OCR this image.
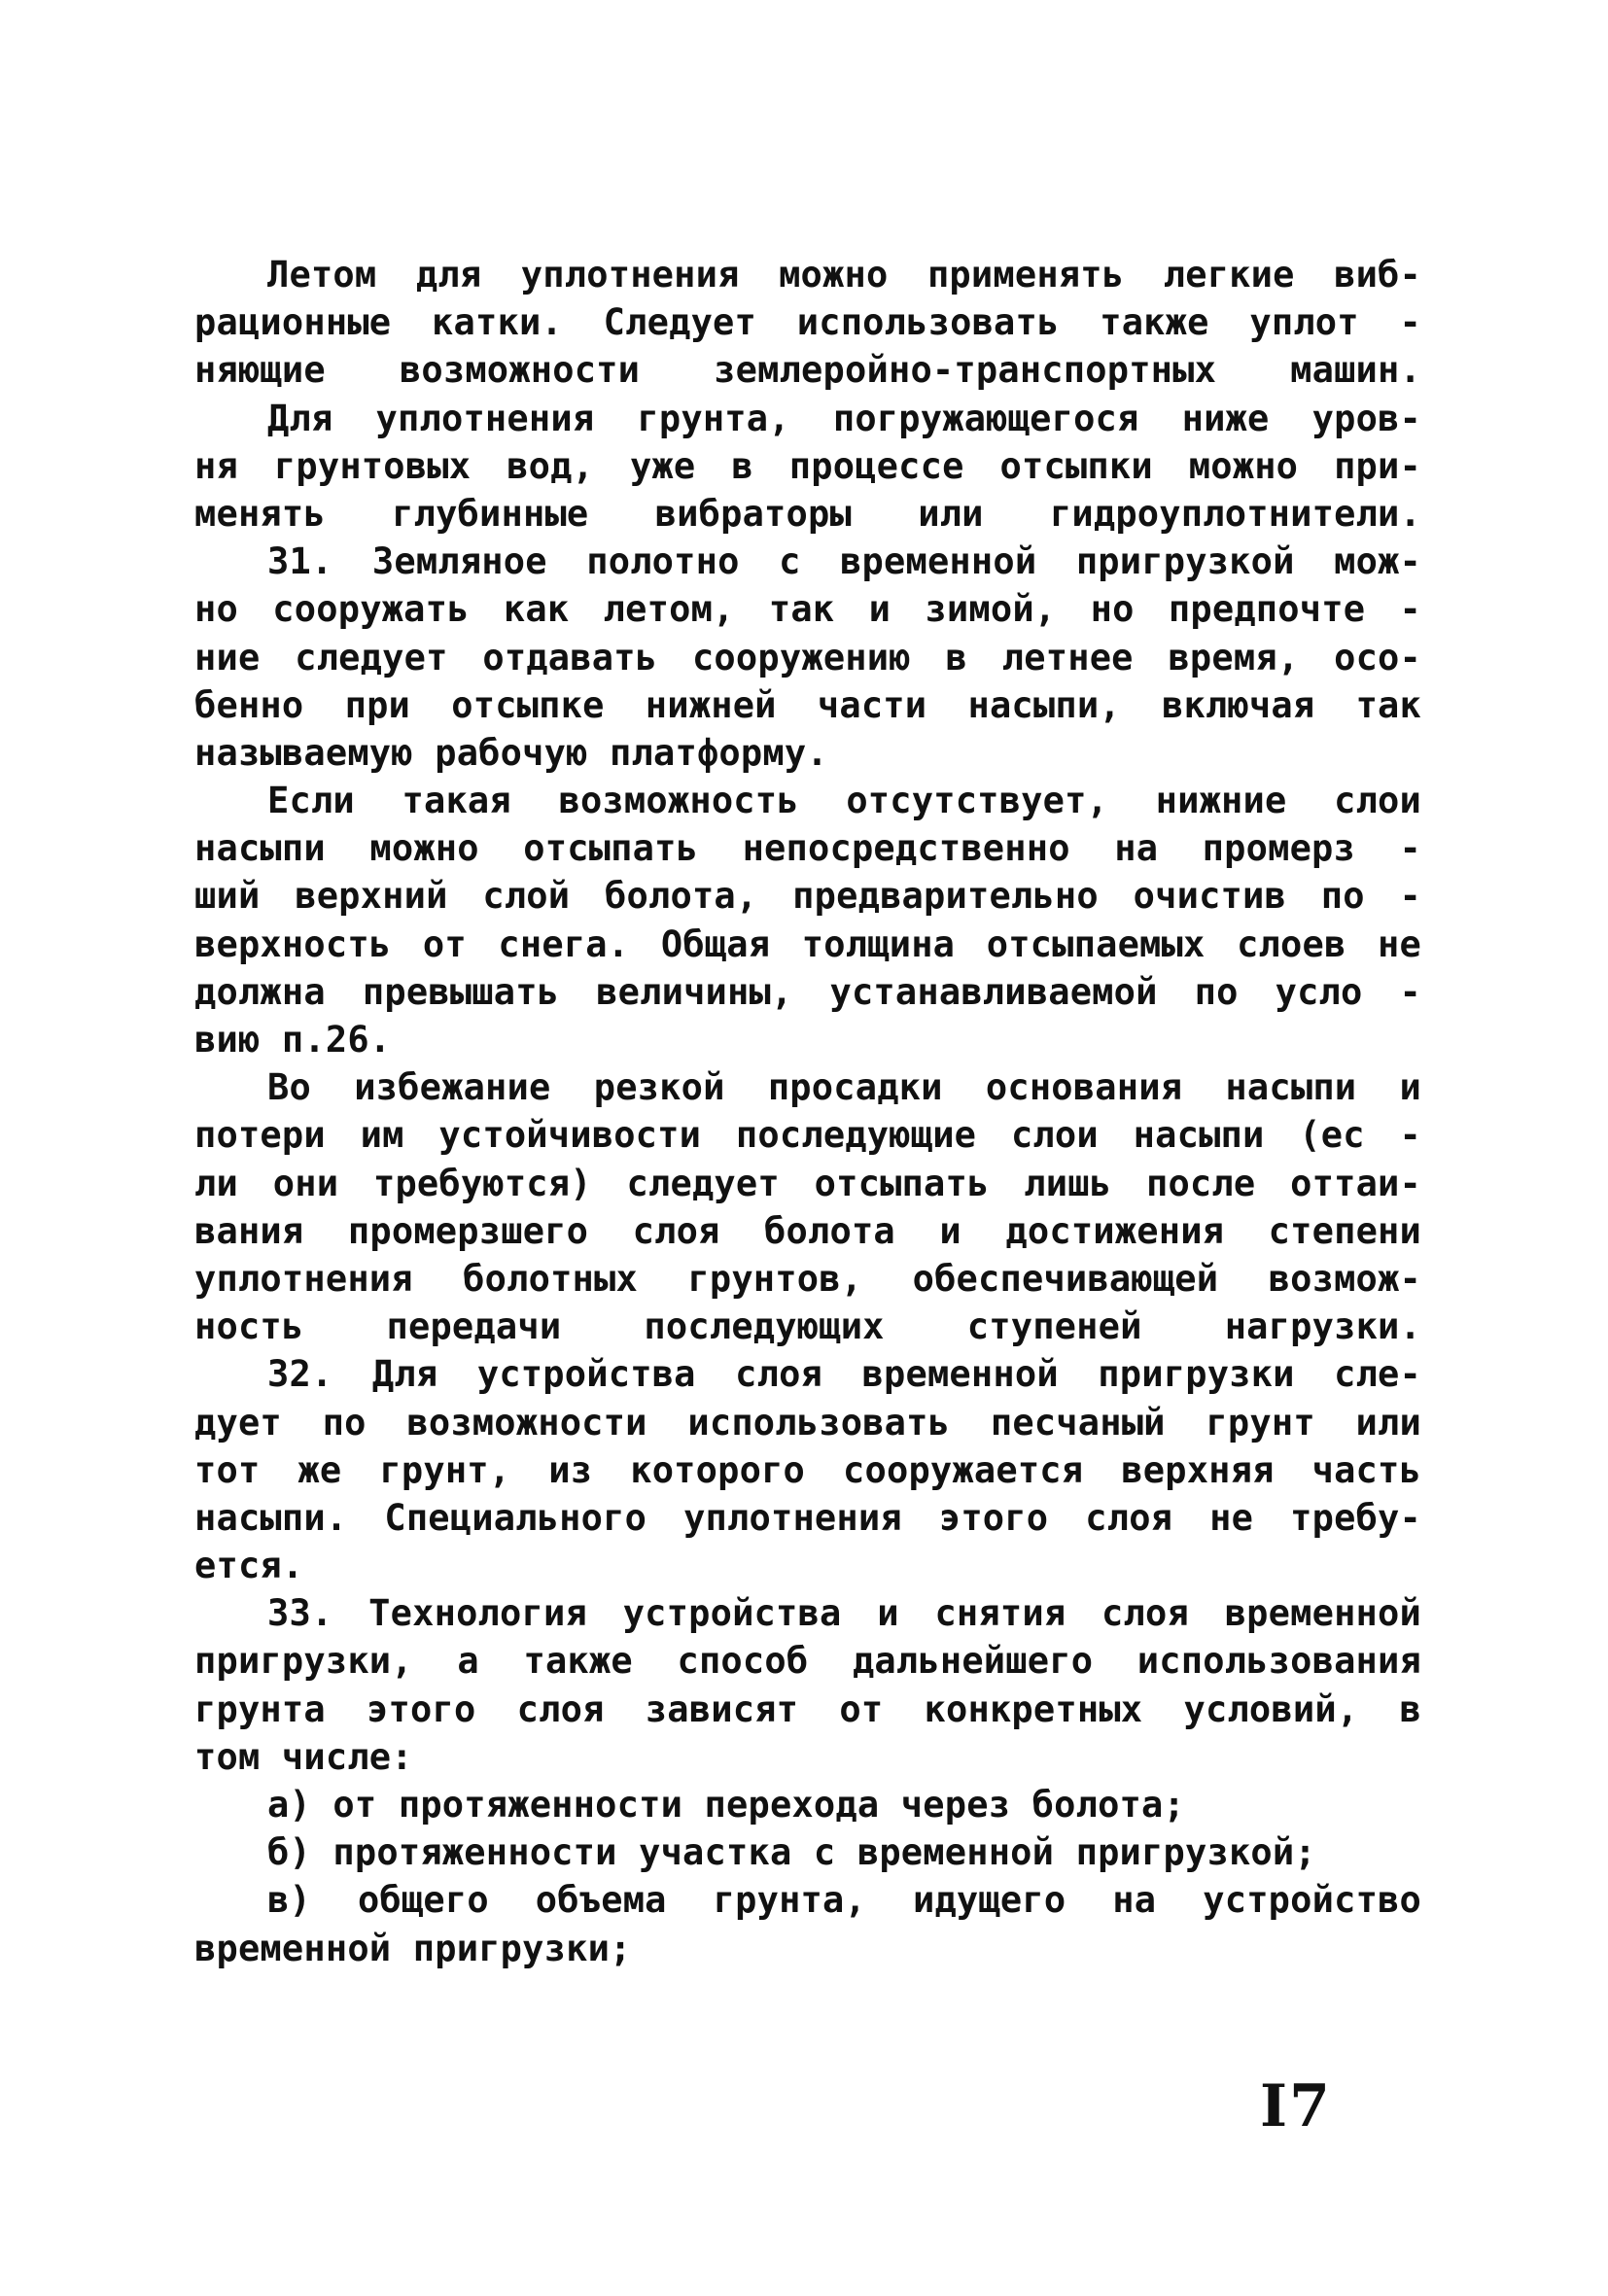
Летом для уплотнения можно применять легкие виб-
рационные катки. Следует использовать также уплот -
няющие возможности землеройно-транспортных машин.
Для уплотнения грунта, погружающегося ниже уров-
ня грунтовых вод, уже в процессе отсыпки можно при-
менять глубинные вибраторы или гидроуплотнители.
31. Земляное полотно с временной пригрузкой мож-
но сооружать как летом, так и зимой, но предпочте -
ние следует отдавать сооружению в летнее время, осо-
бенно при отсыпке нижней части насыпи, включая так
называемую рабочую платформу.
Если такая возможность отсутствует, нижние слои
насыпи можно отсыпать непосредственно на промерз -
ший верхний слой болота, предварительно очистив по -
верхность от снега. Общая толщина отсыпаемых слоев не
должна превышать величины, устанавливаемой по усло -
вию п.26.
Во избежание резкой просадки основания насыпи и
потери им устойчивости последующие слои насыпи (ес -
ли они требуются) следует отсыпать лишь после оттаи-
вания промерзшего слоя болота и достижения степени
уплотнения болотных грунтов, обеспечивающей возмож-
ность передачи последующих ступеней нагрузки.
32. Для устройства слоя временной пригрузки сле-
дует по возможности использовать песчаный грунт или
тот же грунт, из которого сооружается верхняя часть
насыпи. Специального уплотнения этого слоя не требу-
ется.
33. Технология устройства и снятия слоя временной
пригрузки, а также способ дальнейшего использования
грунта этого слоя зависят от конкретных условий, в
том числе:
а) от протяженности перехода через болота;
б) протяженности участка с временной пригрузкой;
в) общего объема грунта, идущего на устройство
временной пригрузки;
I7
